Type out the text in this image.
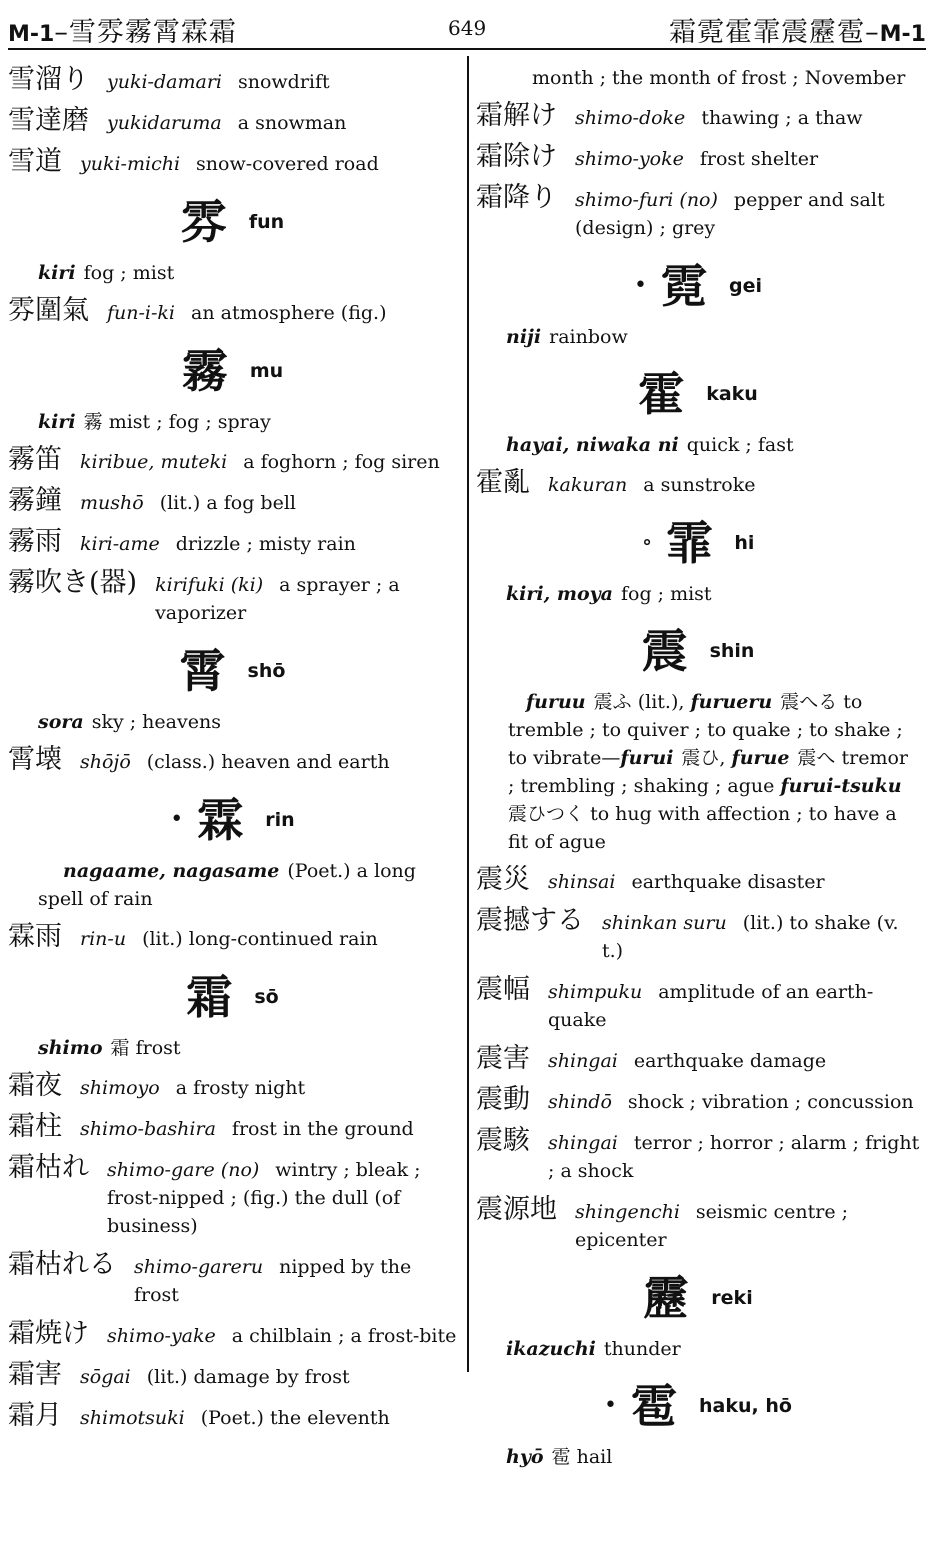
M-1–雪雰霧霄霖霜	649	霜霓霍霏震靂雹–M-1
雪溜り yuki-damari snowdrift
雪達磨 yukidaruma a snowman
雪道 yuki-michi snow-covered road
雰 fun
kiri fog ; mist
雰圍氣 fun-i-ki an atmosphere (fig.)
霧 mu
kiri 霧 mist ; fog ; spray
霧笛 kiribue, muteki a foghorn ; fog siren
霧鐘 mushō (lit.) a fog bell
霧雨 kiri-ame drizzle ; misty rain
霧吹き(器) kirifuki (ki) a sprayer ; a vaporizer
霄 shō
sora sky ; heavens
霄壊 shōjō (class.) heaven and earth
• 霖 rin
nagaame, nagasame (Poet.) a long spell of rain
霖雨 rin-u (lit.) long-continued rain
霜 sō
shimo 霜 frost
霜夜 shimoyo a frosty night
霜柱 shimo-bashira frost in the ground
霜枯れ shimo-gare (no) wintry ; bleak ; frost-nipped ; (fig.) the dull (of business)
霜枯れる shimo-gareru nipped by the frost
霜焼け shimo-yake a chilblain ; a frost-bite
霜害 sōgai (lit.) damage by frost
霜月 shimotsuki (Poet.) the eleventh
month ; the month of frost ; November
霜解け shimo-doke thawing ; a thaw
霜除け shimo-yoke frost shelter
霜降り shimo-furi (no) pepper and salt (design) ; grey
• 霓 gei
niji rainbow
霍 kaku
hayai, niwaka ni quick ; fast
霍亂 kakuran a sunstroke
∘ 霏 hi
kiri, moya fog ; mist
震 shin
furuu 震ふ (lit.), furueru 震へる to tremble ; to quiver ; to quake ; to shake ; to vibrate—furui 震ひ, furue 震へ tremor ; trembling ; shaking ; ague furui-tsuku震ひつく to hug with affection ; to have a fit of ague
震災 shinsai earthquake disaster
震撼する shinkan suru (lit.) to shake (v. t.)
震幅 shimpuku amplitude of an earth-quake
震害 shingai earthquake damage
震動 shindō shock ; vibration ; concussion
震駭 shingai terror ; horror ; alarm ; fright ; a shock
震源地 shingenchi seismic centre ; epicenter
靂 reki
ikazuchi thunder
• 雹 haku, hō
hyō 雹 hail
